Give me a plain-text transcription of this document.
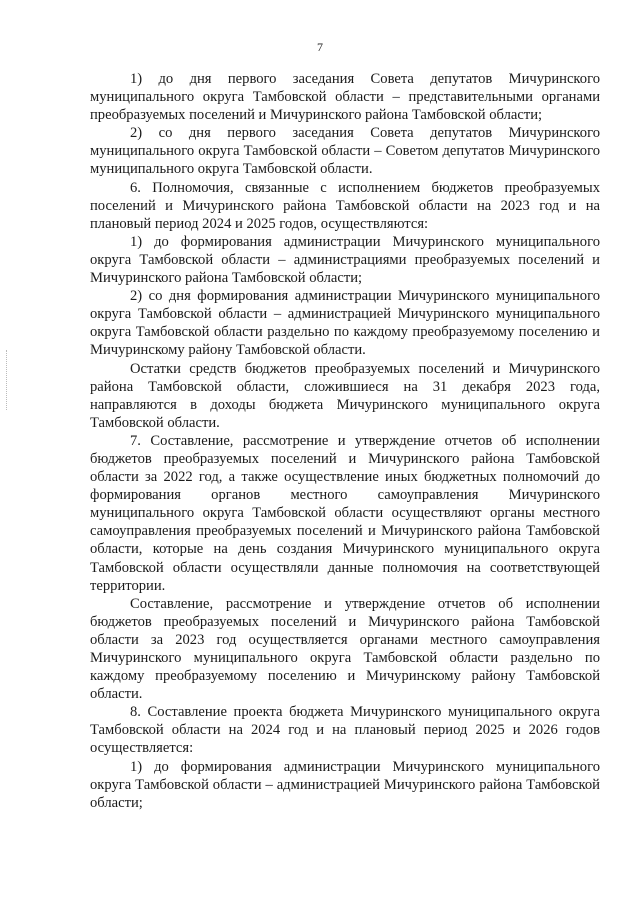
7

1) до дня первого заседания Совета депутатов Мичуринского муниципального округа Тамбовской области – представительными органами преобразуемых поселений и Мичуринского района Тамбовской области;

2) со дня первого заседания Совета депутатов Мичуринского муниципального округа Тамбовской области – Советом депутатов Мичуринского муниципального округа Тамбовской области.

6. Полномочия, связанные с исполнением бюджетов преобразуемых поселений и Мичуринского района Тамбовской области на 2023 год и на плановый период 2024 и 2025 годов, осуществляются:

1) до формирования администрации Мичуринского муниципального округа Тамбовской области – администрациями преобразуемых поселений и Мичуринского района Тамбовской области;

2) со дня формирования администрации Мичуринского муниципального округа Тамбовской области – администрацией Мичуринского муниципального округа Тамбовской области раздельно по каждому преобразуемому поселению и Мичуринскому району Тамбовской области.

Остатки средств бюджетов преобразуемых поселений и Мичуринского района Тамбовской области, сложившиеся на 31 декабря 2023 года, направляются в доходы бюджета Мичуринского муниципального округа Тамбовской области.

7. Составление, рассмотрение и утверждение отчетов об исполнении бюджетов преобразуемых поселений и Мичуринского района Тамбовской области за 2022 год, а также осуществление иных бюджетных полномочий до формирования органов местного самоуправления Мичуринского муниципального округа Тамбовской области осуществляют органы местного самоуправления преобразуемых поселений и Мичуринского района Тамбовской области, которые на день создания Мичуринского муниципального округа Тамбовской области осуществляли данные полномочия на соответствующей территории.

Составление, рассмотрение и утверждение отчетов об исполнении бюджетов преобразуемых поселений и Мичуринского района Тамбовской области за 2023 год осуществляется органами местного самоуправления Мичуринского муниципального округа Тамбовской области раздельно по каждому преобразуемому поселению и Мичуринскому району Тамбовской области.

8. Составление проекта бюджета Мичуринского муниципального округа Тамбовской области на 2024 год и на плановый период 2025 и 2026 годов осуществляется:

1) до формирования администрации Мичуринского муниципального округа Тамбовской области – администрацией Мичуринского района Тамбовской области;
